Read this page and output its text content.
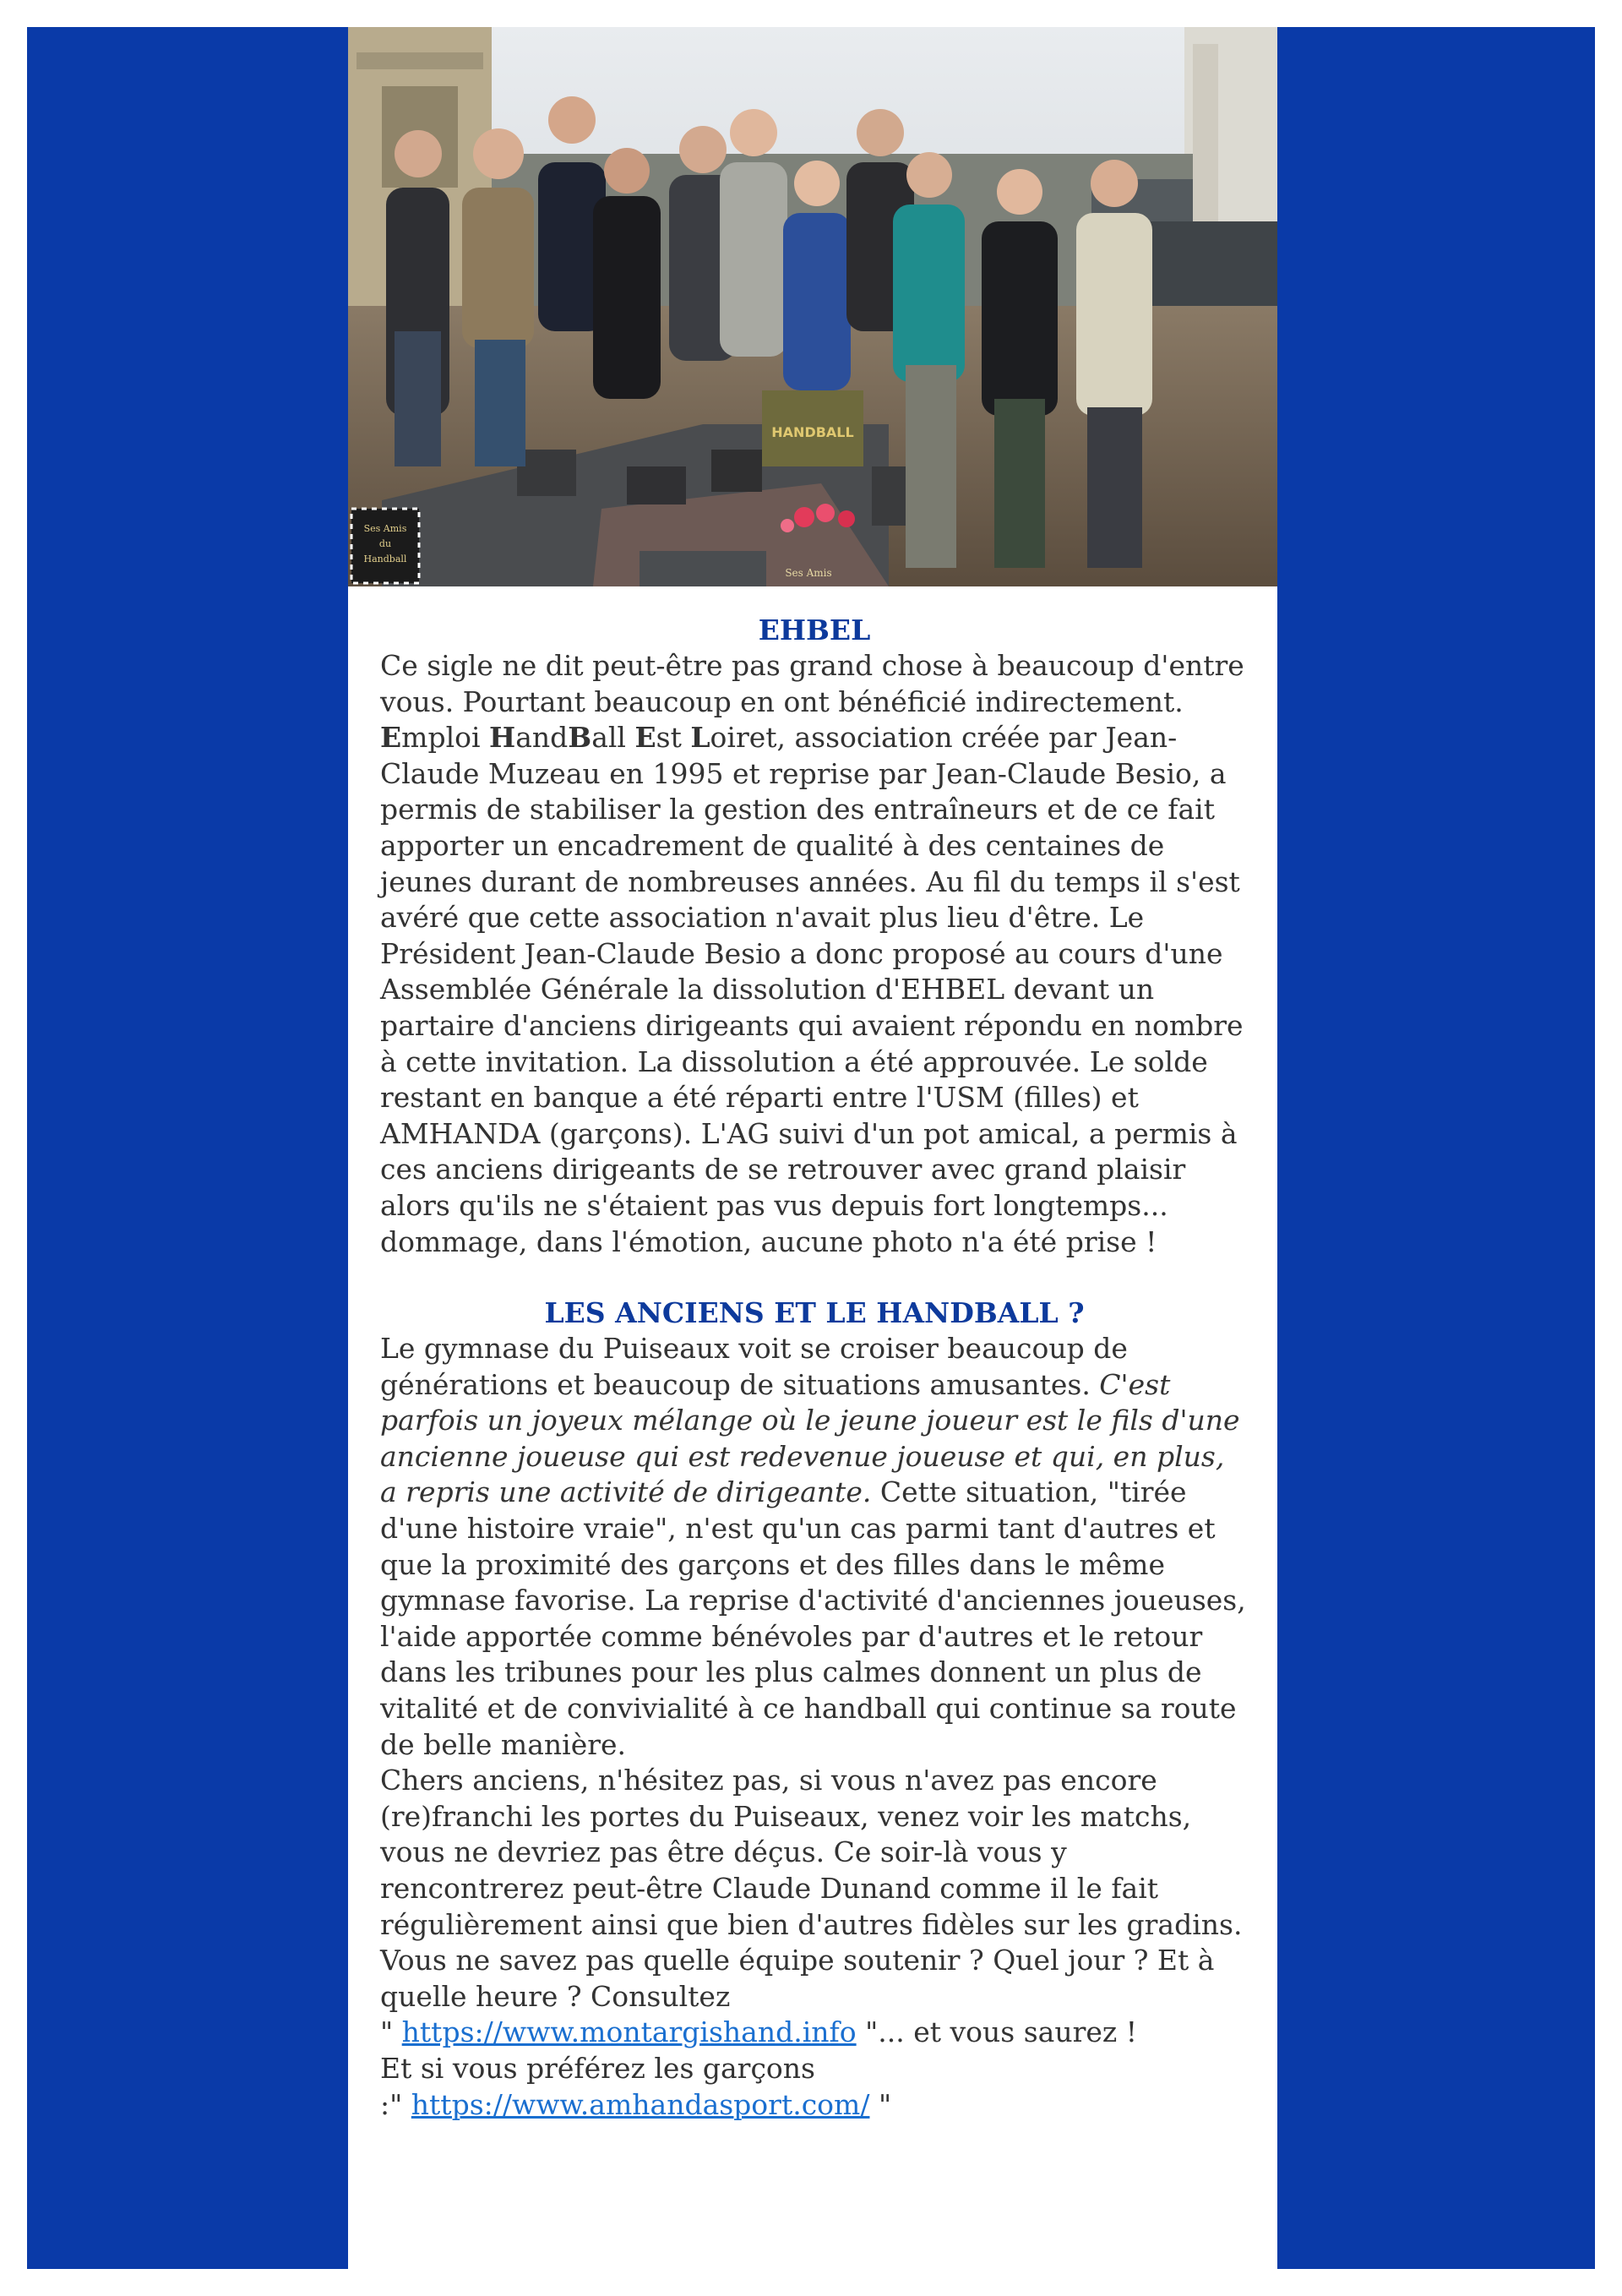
HANDBALL
Ses Amis
Ses Amis
du
Handball
EHBEL

Ce sigle ne dit peut-être pas grand chose à beaucoup d'entre vous. Pourtant beaucoup en ont bénéficié indirectement. Emploi HandBall Est Loiret, association créée par Jean-Claude Muzeau en 1995 et reprise par Jean-Claude Besio, a permis de stabiliser la gestion des entraîneurs et de ce fait apporter un encadrement de qualité à des centaines de jeunes durant de nombreuses années. Au fil du temps il s'est avéré que cette association n'avait plus lieu d'être. Le Président Jean-Claude Besio a donc proposé au cours d'une Assemblée Générale la dissolution d'EHBEL devant un partaire d'anciens dirigeants qui avaient répondu en nombre à cette invitation. La dissolution a été approuvée. Le solde restant en banque a été réparti entre l'USM (filles) et AMHANDA (garçons). L'AG suivi d'un pot amical, a permis à ces anciens dirigeants de se retrouver avec grand plaisir alors qu'ils ne s'étaient pas vus depuis fort longtemps... dommage, dans l'émotion, aucune photo n'a été prise !

LES ANCIENS ET LE HANDBALL ?

Le gymnase du Puiseaux voit se croiser beaucoup de générations et beaucoup de situations amusantes. C'est parfois un joyeux mélange où le jeune joueur est le fils d'une ancienne joueuse qui est redevenue joueuse et qui, en plus, a repris une activité de dirigeante. Cette situation, "tirée d'une histoire vraie", n'est qu'un cas parmi tant d'autres et que la proximité des garçons et des filles dans le même gymnase favorise. La reprise d'activité d'anciennes joueuses, l'aide apportée comme bénévoles par d'autres et le retour dans les tribunes pour les plus calmes donnent un plus de vitalité et de convivialité à ce handball qui continue sa route de belle manière.

Chers anciens, n'hésitez pas, si vous n'avez pas encore (re)franchi les portes du Puiseaux, venez voir les matchs, vous ne devriez pas être déçus. Ce soir-là vous y rencontrerez peut-être Claude Dunand comme il le fait régulièrement ainsi que bien d'autres fidèles sur les gradins.

Vous ne savez pas quelle équipe soutenir ? Quel jour ? Et à quelle heure ? Consultez

" https://www.montargishand.info "... et vous saurez !

Et si vous préférez les garçons

:" https://www.amhandasport.com/ "
